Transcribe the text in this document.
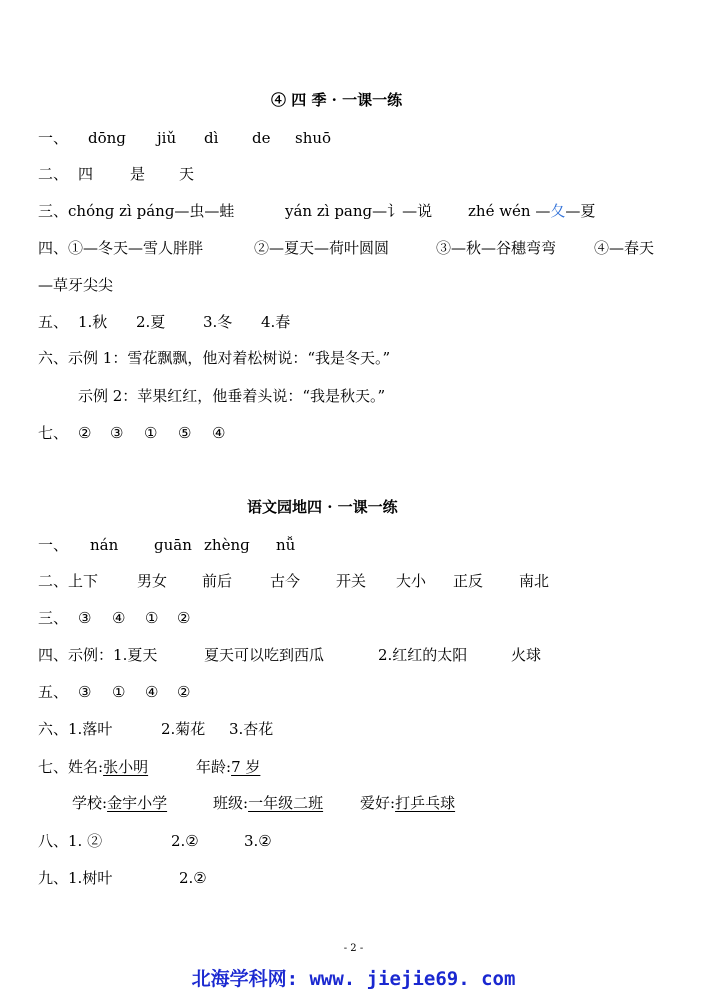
④ 四 季 · 一课一练
一、 dōnɡ jiǔ dì de shuō
二、 四 是 天
三、chónɡ zì pánɡ—虫—蛙	yán zì panɡ—讠—说 zhé wén —夂—夏
四、①—冬天—雪人胖胖	②—夏天—荷叶圆圆	③—秋—谷穗弯弯	④—春天
—草牙尖尖
五、 1.秋 2.夏	3.冬 4.春
六、示例 1：雪花飘飘，他对着松树说：“我是冬天。”
示例 2：苹果红红，他垂着头说：“我是秋天。”
七、 ② ③ ① ⑤ ④
语文园地四 · 一课一练
一、 nán ɡuān zhènɡ nǚ
二、上下	男女 前后	古今 开关 大小 正反 南北
三、 ③ ④ ① ②
四、示例：1.夏天	夏天可以吃到西瓜	2.红红的太阳	火球
五、 ③ ① ④ ②
六、1.落叶	2.菊花 3.杏花
七、姓名:张小明	年龄:7 岁
学校:金宇小学	班级:一年级二班 爱好:打乒乓球
八、1. ②	2.②	3.②
九、1.树叶	2.②
- 2 -
北海学科网: www. jiejie69. com
